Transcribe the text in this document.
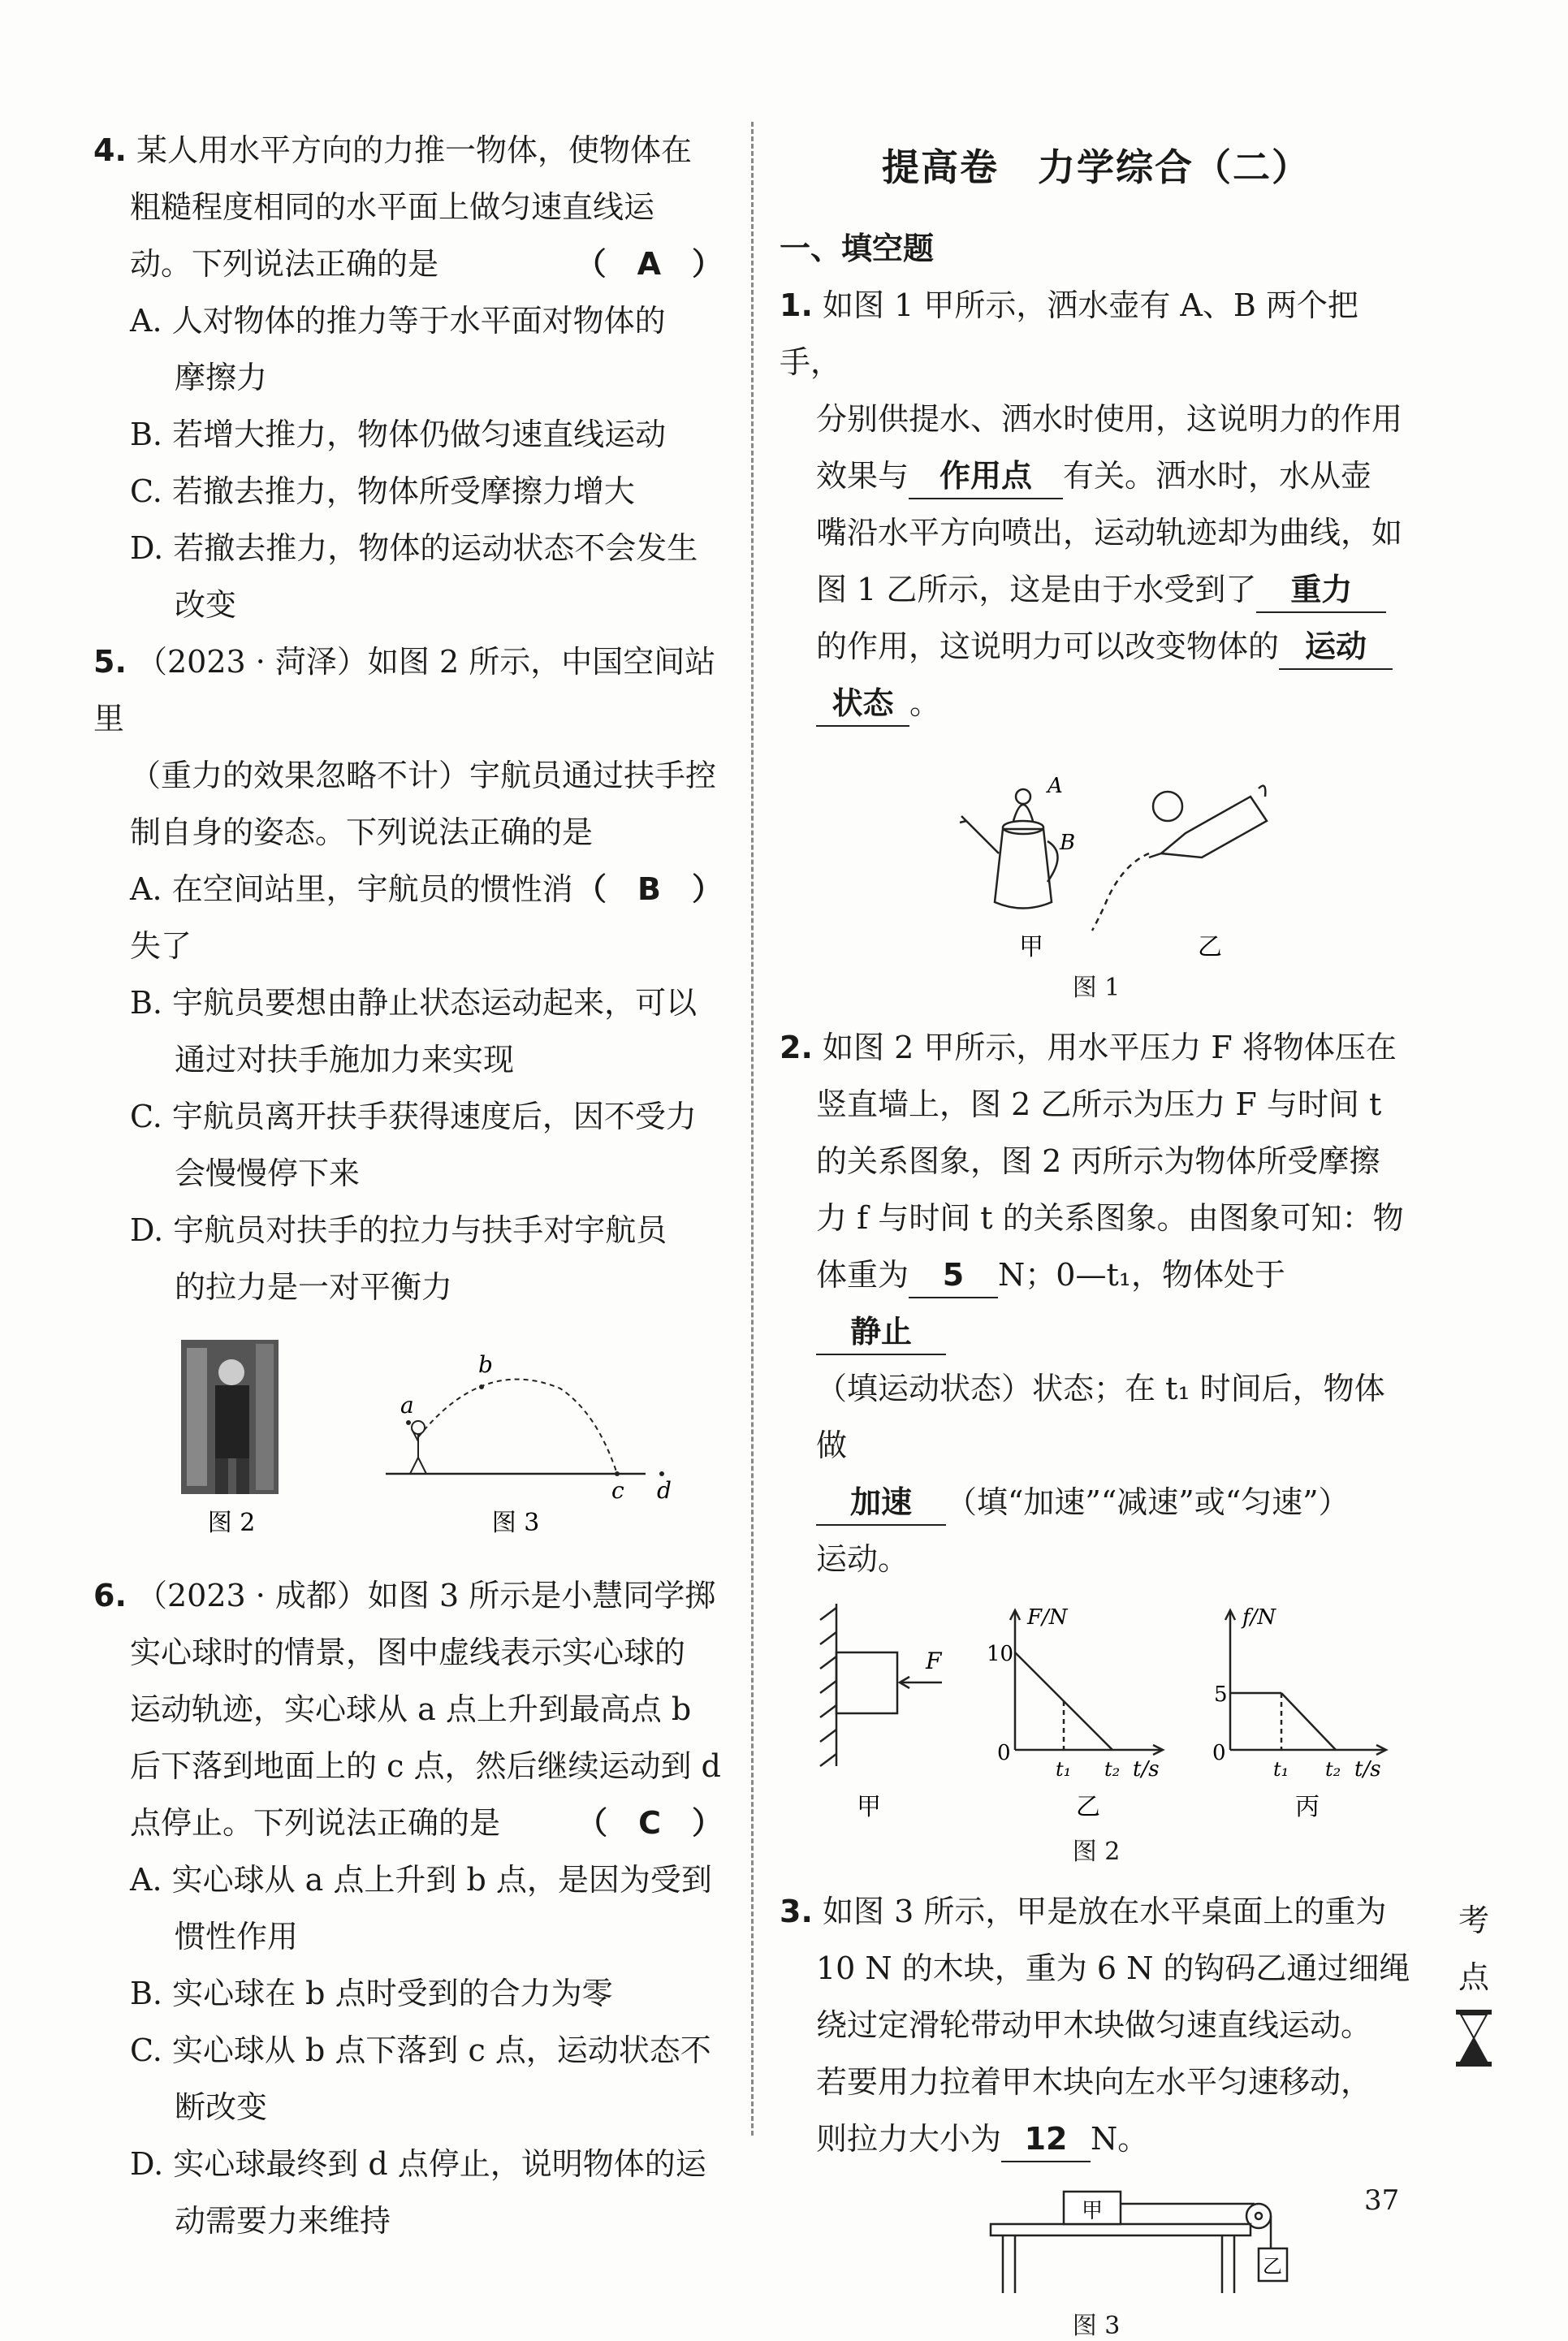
4. 某人用水平方向的力推一物体，使物体在

粗糙程度相同的水平面上做匀速直线运

动。下列说法正确的是	（　A　）

A. 人对物体的推力等于水平面对物体的

摩擦力

B. 若增大推力，物体仍做匀速直线运动

C. 若撤去推力，物体所受摩擦力增大

D. 若撤去推力，物体的运动状态不会发生

改变

5. （2023 · 菏泽）如图 2 所示，中国空间站里

（重力的效果忽略不计）宇航员通过扶手控

制自身的姿态。下列说法正确的是
（　B　）

A. 在空间站里，宇航员的惯性消失了

B. 宇航员要想由静止状态运动起来，可以

通过对扶手施加力来实现

C. 宇航员离开扶手获得速度后，因不受力

会慢慢停下来

D. 宇航员对扶手的拉力与扶手对宇航员

的拉力是一对平衡力

a
b
c d
图 2	图 3

6. （2023 · 成都）如图 3 所示是小慧同学掷

实心球时的情景，图中虚线表示实心球的

运动轨迹，实心球从 a 点上升到最高点 b

后下落到地面上的 c 点，然后继续运动到 d

点停止。下列说法正确的是 （　C　）

A. 实心球从 a 点上升到 b 点，是因为受到

惯性作用

B. 实心球在 b 点时受到的合力为零

C. 实心球从 b 点下落到 c 点，运动状态不

断改变

D. 实心球最终到 d 点停止，说明物体的运

动需要力来维持

提高卷　力学综合（二）
一、填空题

1. 如图 1 甲所示，洒水壶有 A、B 两个把手，

分别供提水、洒水时使用，这说明力的作用

效果与 作用点 有关。洒水时，水从壶

嘴沿水平方向喷出，运动轨迹却为曲线，如

图 1 乙所示，这是由于水受到了 重力

的作用，这说明力可以改变物体的 运动

状态 。

A
B
甲	乙
图 1

2. 如图 2 甲所示，用水平压力 F 将物体压在

竖直墙上，图 2 乙所示为压力 F 与时间 t

的关系图象，图 2 丙所示为物体所受摩擦

力 f 与时间 t 的关系图象。由图象可知：物

体重为 5 N；0—t₁，物体处于静止

（填运动状态）状态；在 t₁ 时间后，物体做

加速 （填“加速”“减速”或“匀速”）

运动。

F
甲
F/N
10
0
t₁ t₂ t/s
乙
f/N
5
0
t₁ t₂ t/s
丙
图 2

3. 如图 3 所示，甲是放在水平桌面上的重为

10 N 的木块，重为 6 N 的钩码乙通过细绳

绕过定滑轮带动甲木块做匀速直线运动。

若要用力拉着甲木块向左水平匀速移动，

则拉力大小为 12 N。

甲
乙
图 3
考
点
37
